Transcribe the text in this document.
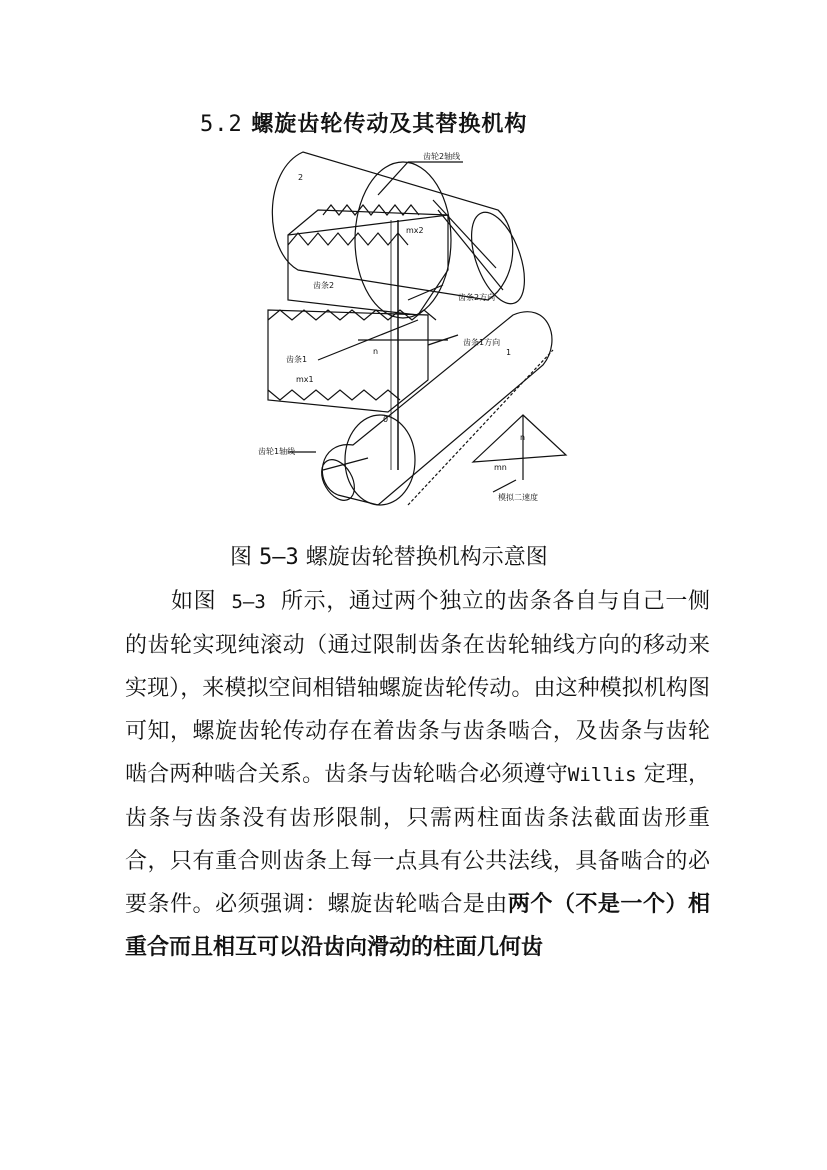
5.2 螺旋齿轮传动及其替换机构
齿轮2轴线
2
齿条2
齿条1
mx1
mx2
齿条2方向
齿条1方向
n
0
1
齿轮1轴线
n
mn
模拟二速度
图 5—3 螺旋齿轮替换机构示意图
如图 5—3 所示，通过两个独立的齿条各自与自己一侧的齿轮实现纯滚动（通过限制齿条在齿轮轴线方向的移动来实现），来模拟空间相错轴螺旋齿轮传动。由这种模拟机构图可知，螺旋齿轮传动存在着齿条与齿条啮合，及齿条与齿轮啮合两种啮合关系。齿条与齿轮啮合必须遵守Willis 定理，齿条与齿条没有齿形限制，只需两柱面齿条法截面齿形重合，只有重合则齿条上每一点具有公共法线，具备啮合的必要条件。必须强调：螺旋齿轮啮合是由两个（不是一个）相重合而且相互可以沿齿向滑动的柱面几何齿
